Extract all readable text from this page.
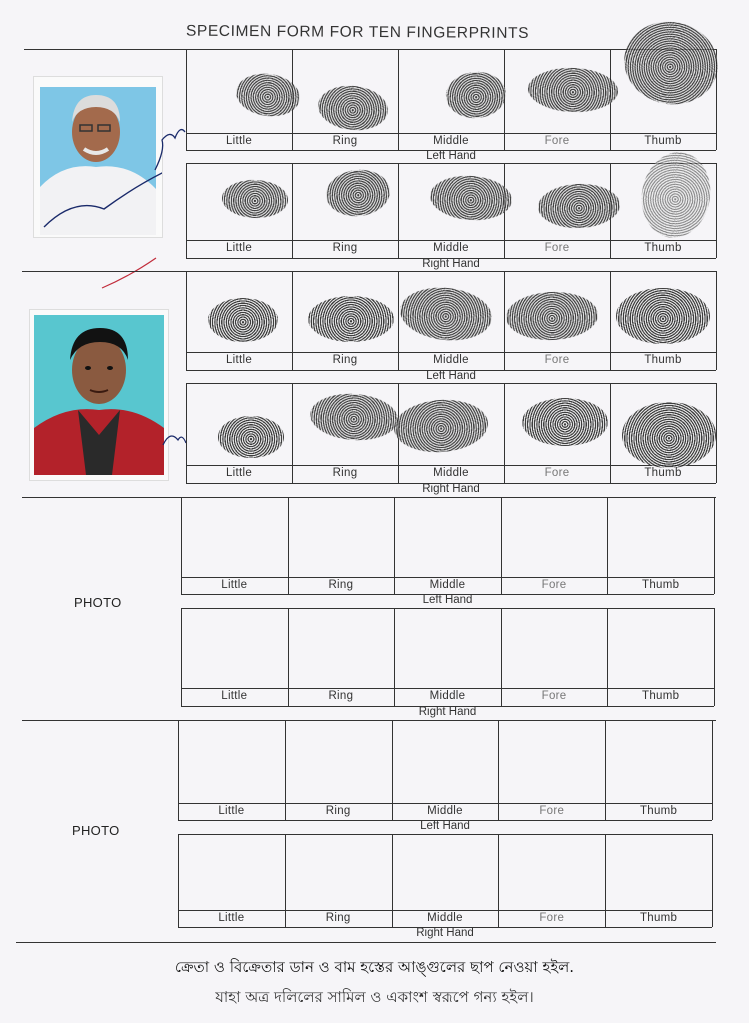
SPECIMEN FORM FOR TEN FINGERPRINTS
Little	Ring	Middle	Fore	Thumb
Left Hand
Little	Ring	Middle	Fore	Thumb
Right Hand
Little	Ring	Middle	Fore	Thumb
Left Hand
Little	Ring	Middle	Fore	Thumb
Right Hand
Little	Ring	Middle	Fore	Thumb
Left Hand
Little	Ring	Middle	Fore	Thumb
Right Hand
Little	Ring	Middle	Fore	Thumb
Left Hand
Little	Ring	Middle	Fore	Thumb
Right Hand
PHOTO
PHOTO
ক্রেতা ও বিক্রেতার ডান ও বাম হস্তের আঙ্গুলের ছাপ নেওয়া হইল.
যাহা অত্র দলিলের সামিল ও একাংশ স্বরূপে গন্য হইল।
